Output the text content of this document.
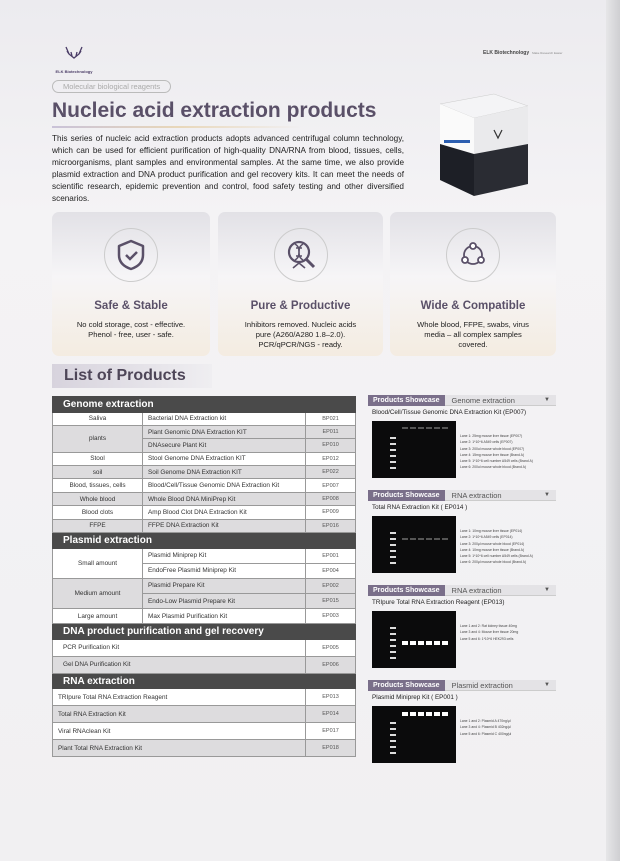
ELK Biotechnology
ELK Biotechnology Make Research Easier
Molecular biological reagents
Nucleic acid extraction products
This series of nucleic acid extraction products adopts advanced centrifugal column technology, which can be used for efficient purification of high-quality DNA/RNA from blood, tissues, cells, microorganisms, plant samples and environmental samples. At the same time, we also provide plasmid extraction and DNA product purification and gel recovery kits. It can meet the needs of scientific research, epidemic prevention and control, food safety testing and other diversified scenarios.
Safe & Stable

No cold storage, cost - effective. Phenol - free, user - safe.

Pure & Productive

Inhibitors removed. Nucleic acids pure (A260/A280 1.8–2.0). PCR/qPCR/NGS - ready.

Wide & Compatible

Whole blood, FFPE, swabs, virus media – all complex samples covered.

List of Products
Genome extraction		
Saliva	Bacterial DNA Extraction kit	BP021
plants	Plant Genomic DNA Extraction KIT	EP011
	DNAsecure Plant Kit	EP010
Stool	Stool Genome DNA Extraction KIT	EP012
soil	Soil Genome DNA Extraction KIT	EP022
Blood, tissues, cells	Blood/Cell/Tissue Genomic DNA Extraction Kit	EP007
Whole blood	Whole Blood DNA MiniPrep Kit	EP008
Blood clots	Amp Blood Clot DNA Extraction Kit	EP009
FFPE	FFPE DNA Extraction Kit	EP016
Plasmid extraction		
Small amount	Plasmid Miniprep Kit	EP001
	EndoFree Plasmid Miniprep Kit	EP004
Medium amount	Plasmid Prepare Kit	EP002
	Endo-Low Plasmid Prepare Kit	EP015
Large amount	Max Plasmid Purification Kit	EP003
DNA product purification and gel recovery		
PCR Purification Kit		EP005
Gel DNA Purification Kit		EP006
RNA extraction		
TRIpure Total RNA Extraction Reagent		EP013
Total RNA Extraction Kit		EP014
Viral RNAclean Kit		EP017
Plant Total RNA Extraction Kit		EP018
Products Showcase	Genome extraction	▼
Blood/Cell/Tissue Genomic DNA Extraction Kit (EP007)
Lane 1: 25mg mouse liver tissue (EP007)
Lane 2: 1*10^6 A549 cells (EP007)
Lane 3: 200ul mouse whole blood (EP007)
Lane 4: 15mg mouse liver tissue (Brand A)
Lane 5: 1*10^6 cell number A549 cells (Brand A)
Lane 6: 200ul mouse whole blood (Brand A)
Products Showcase	RNA extraction	▼
Total RNA Extraction Kit ( EP014 )
Lane 1: 10mg mouse liver tissue (EP014)
Lane 2: 1*10^6 A549 cells (EP014)
Lane 3: 200μl mouse whole blood (EP014)
Lane 4: 10mg mouse liver tissue (Brand A)
Lane 5: 1*10^6 cell number A549 cells (Brand A)
Lane 6: 200μl mouse whole blood (Brand A)
Products Showcase	RNA extraction	▼
TRIpure Total RNA Extraction Reagent (EP013)
Lane 1 and 2: Rat kidney tissue 40mg
Lane 3 and 4: Mouse liver tissue 20mg
Lane 5 and 6: 1*10^6 HEK293 cells
Products Showcase	Plasmid extraction	▼
Plasmid Miniprep Kit ( EP001 )
Lane 1 and 2: Plasmid A 470ng/μl
Lane 3 and 4: Plasmid B 402ng/μl
Lane 5 and 6: Plasmid C 400ng/μl
